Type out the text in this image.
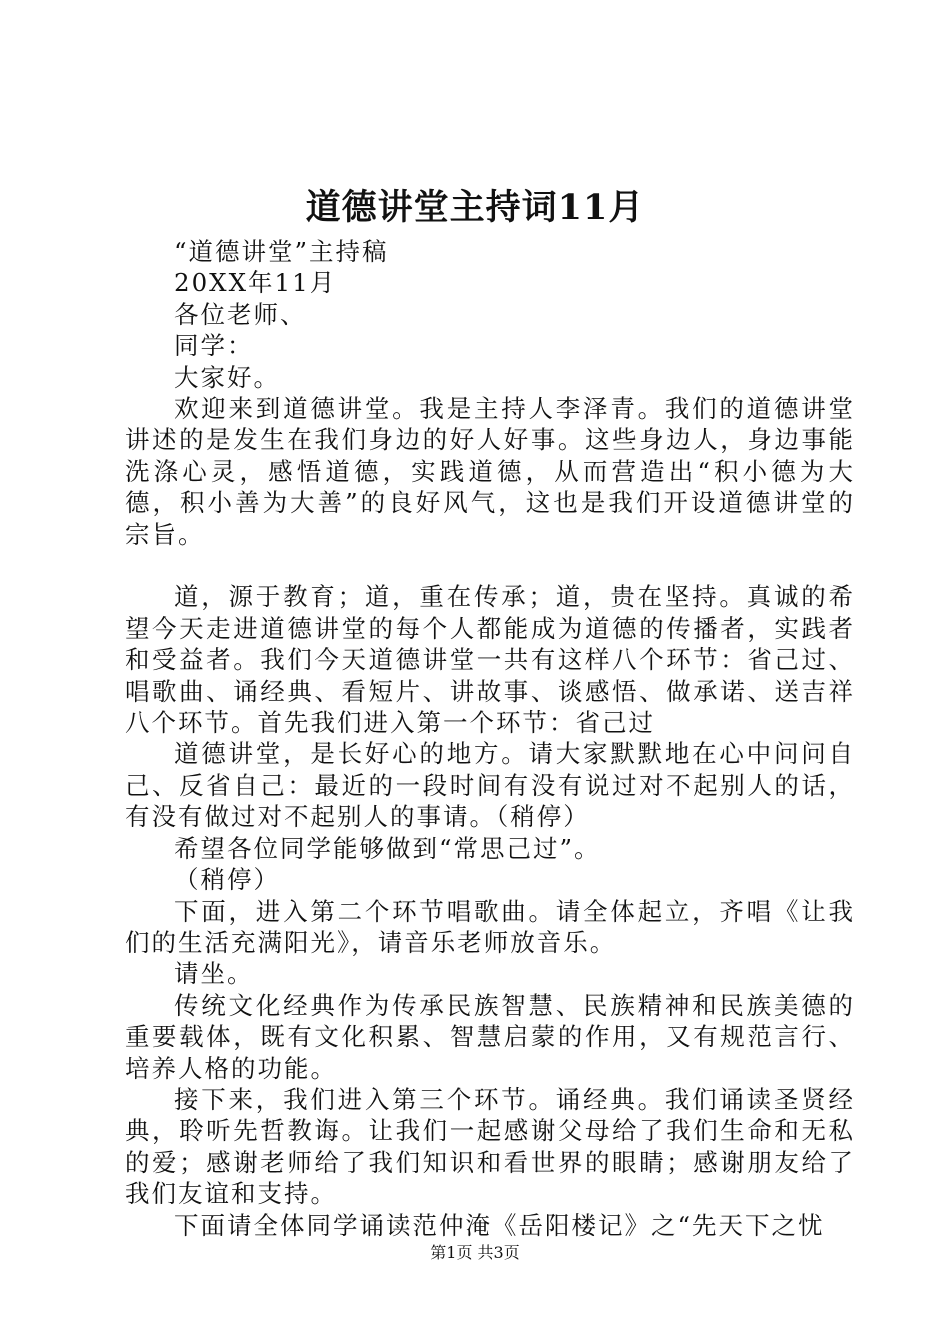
道德讲堂主持词11月

“道德讲堂”主持稿

20XX年11月

各位老师、

同学：

大家好。

欢迎来到道德讲堂。我是主持人李泽青。我们的道德讲堂讲述的是发生在我们身边的好人好事。这些身边人，身边事能洗涤心灵，感悟道德，实践道德，从而营造出“积小德为大德，积小善为大善”的良好风气，这也是我们开设道德讲堂的宗旨。

道，源于教育；道，重在传承；道，贵在坚持。真诚的希望今天走进道德讲堂的每个人都能成为道德的传播者，实践者和受益者。我们今天道德讲堂一共有这样八个环节：省己过、唱歌曲、诵经典、看短片、讲故事、谈感悟、做承诺、送吉祥八个环节。首先我们进入第一个环节：省己过

道德讲堂，是长好心的地方。请大家默默地在心中问问自己、反省自己：最近的一段时间有没有说过对不起别人的话，有没有做过对不起别人的事请。（稍停）

希望各位同学能够做到“常思己过”。

（稍停）

下面，进入第二个环节唱歌曲。请全体起立，齐唱《让我们的生活充满阳光》，请音乐老师放音乐。

请坐。

传统文化经典作为传承民族智慧、民族精神和民族美德的重要载体，既有文化积累、智慧启蒙的作用，又有规范言行、培养人格的功能。

接下来，我们进入第三个环节。诵经典。我们诵读圣贤经典，聆听先哲教诲。让我们一起感谢父母给了我们生命和无私的爱；感谢老师给了我们知识和看世界的眼睛；感谢朋友给了我们友谊和支持。

下面请全体同学诵读范仲淹《岳阳楼记》之“先天下之忧

第1页 共3页
